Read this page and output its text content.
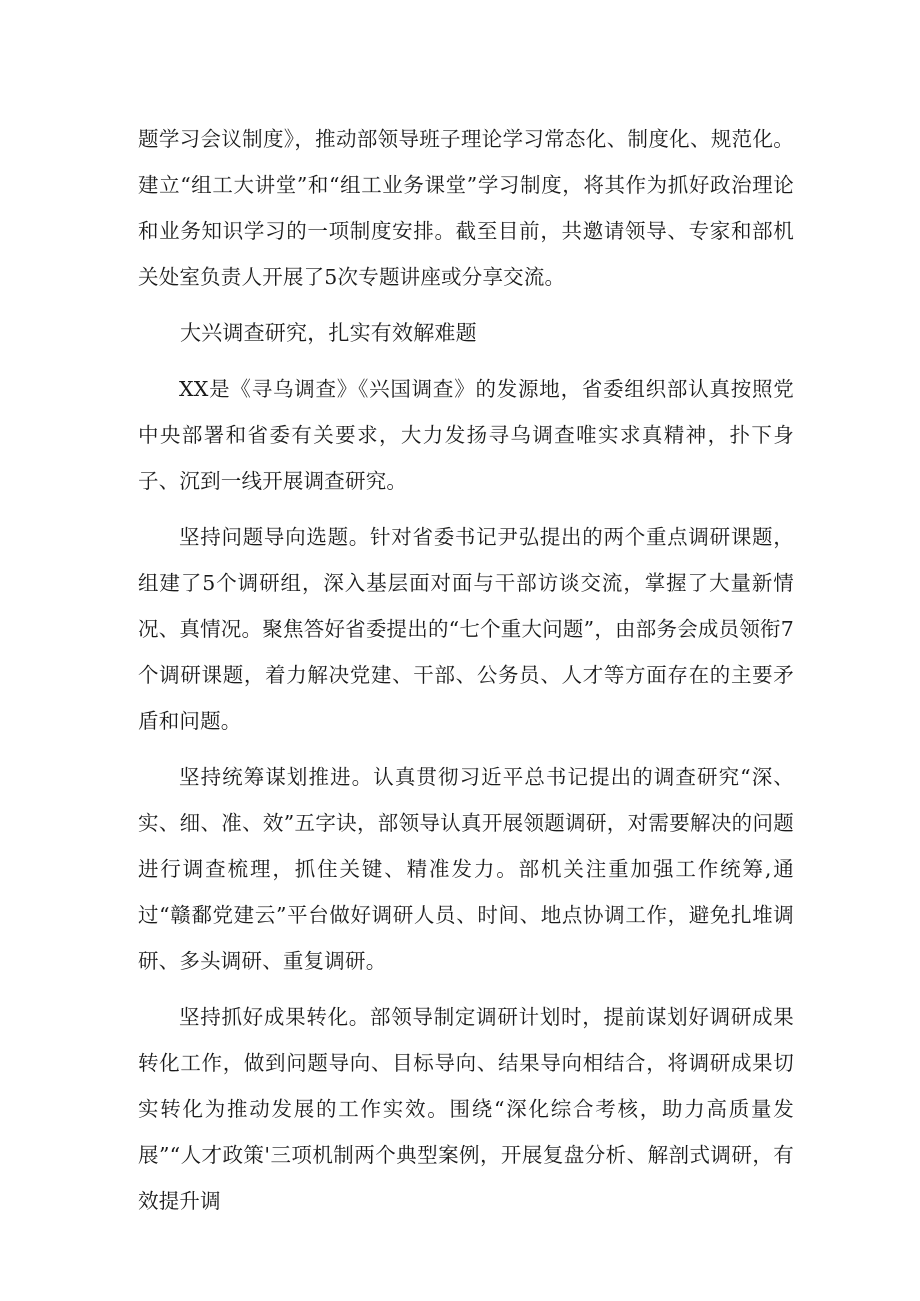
题学习会议制度》，推动部领导班子理论学习常态化、制度化、规范化。建立“组工大讲堂”和“组工业务课堂”学习制度，将其作为抓好政治理论和业务知识学习的一项制度安排。截至目前，共邀请领导、专家和部机关处室负责人开展了5次专题讲座或分享交流。

大兴调查研究，扎实有效解难题

XX是《寻乌调查》《兴国调查》的发源地，省委组织部认真按照党中央部署和省委有关要求，大力发扬寻乌调查唯实求真精神，扑下身子、沉到一线开展调查研究。

坚持问题导向选题。针对省委书记尹弘提出的两个重点调研课题，组建了5个调研组，深入基层面对面与干部访谈交流，掌握了大量新情况、真情况。聚焦答好省委提出的“七个重大问题”，由部务会成员领衔7个调研课题，着力解决党建、干部、公务员、人才等方面存在的主要矛盾和问题。

坚持统筹谋划推进。认真贯彻习近平总书记提出的调查研究“深、实、细、准、效”五字诀，部领导认真开展领题调研，对需要解决的问题进行调查梳理，抓住关键、精准发力。部机关注重加强工作统筹,通过“赣鄱党建云”平台做好调研人员、时间、地点协调工作，避免扎堆调研、多头调研、重复调研。

坚持抓好成果转化。部领导制定调研计划时，提前谋划好调研成果转化工作，做到问题导向、目标导向、结果导向相结合，将调研成果切实转化为推动发展的工作实效。围绕“深化综合考核，助力高质量发展”“人才政策'三项机制两个典型案例，开展复盘分析、解剖式调研，有效提升调
